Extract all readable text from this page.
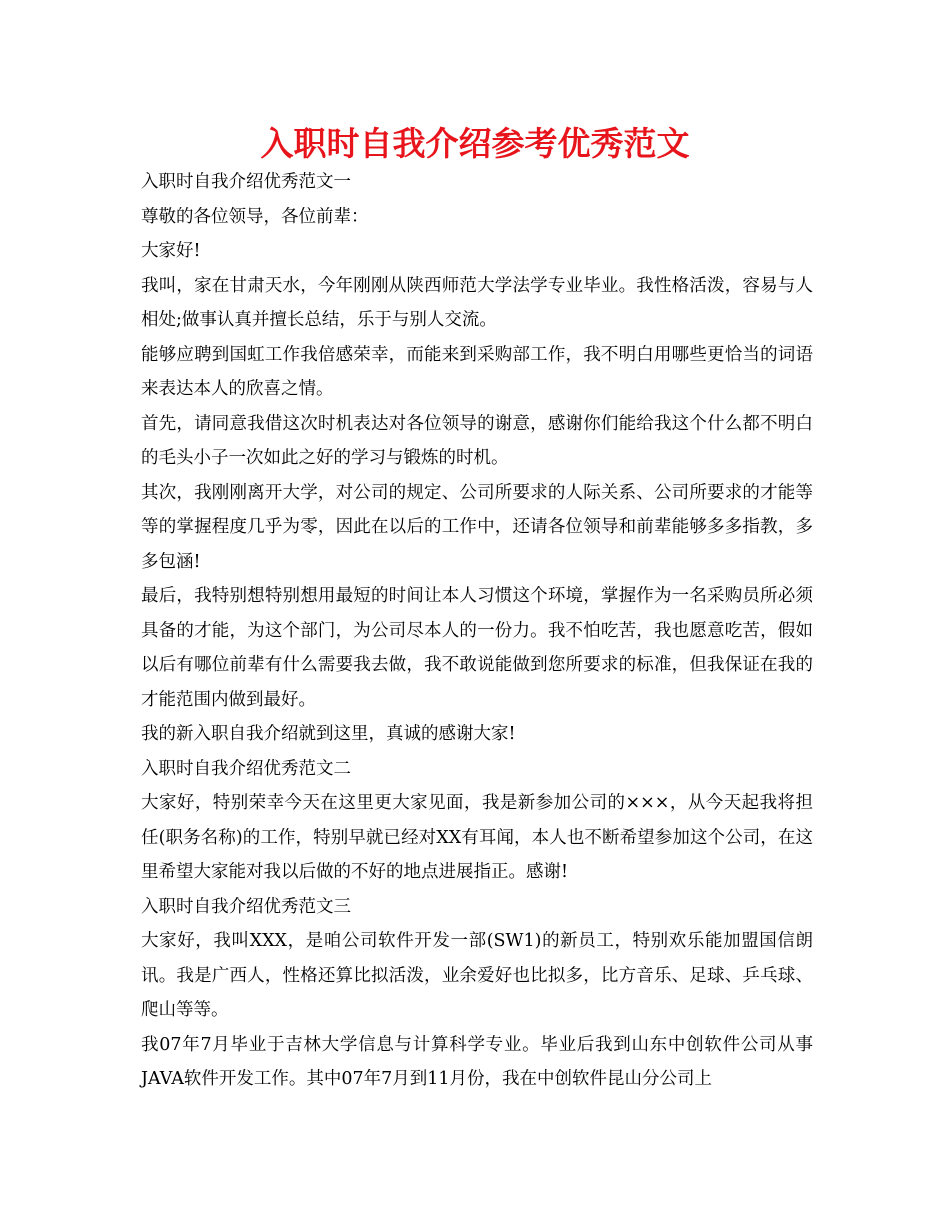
入职时自我介绍参考优秀范文

入职时自我介绍优秀范文一

尊敬的各位领导，各位前辈：

大家好!

我叫，家在甘肃天水，今年刚刚从陕西师范大学法学专业毕业。我性格活泼，容易与人相处;做事认真并擅长总结，乐于与别人交流。

能够应聘到国虹工作我倍感荣幸，而能来到采购部工作，我不明白用哪些更恰当的词语来表达本人的欣喜之情。

首先，请同意我借这次时机表达对各位领导的谢意，感谢你们能给我这个什么都不明白的毛头小子一次如此之好的学习与锻炼的时机。

其次，我刚刚离开大学，对公司的规定、公司所要求的人际关系、公司所要求的才能等等的掌握程度几乎为零，因此在以后的工作中，还请各位领导和前辈能够多多指教，多多包涵!

最后，我特别想特别想用最短的时间让本人习惯这个环境，掌握作为一名采购员所必须具备的才能，为这个部门，为公司尽本人的一份力。我不怕吃苦，我也愿意吃苦，假如以后有哪位前辈有什么需要我去做，我不敢说能做到您所要求的标准，但我保证在我的才能范围内做到最好。

我的新入职自我介绍就到这里，真诚的感谢大家!

入职时自我介绍优秀范文二

大家好，特别荣幸今天在这里更大家见面，我是新参加公司的×××，从今天起我将担任(职务名称)的工作，特别早就已经对XX有耳闻，本人也不断希望参加这个公司，在这里希望大家能对我以后做的不好的地点进展指正。感谢!

入职时自我介绍优秀范文三

大家好，我叫XXX，是咱公司软件开发一部(SW1)的新员工，特别欢乐能加盟国信朗讯。我是广西人，性格还算比拟活泼，业余爱好也比拟多，比方音乐、足球、乒乓球、爬山等等。

我07年7月毕业于吉林大学信息与计算科学专业。毕业后我到山东中创软件公司从事JAVA软件开发工作。其中07年7月到11月份，我在中创软件昆山分公司上
